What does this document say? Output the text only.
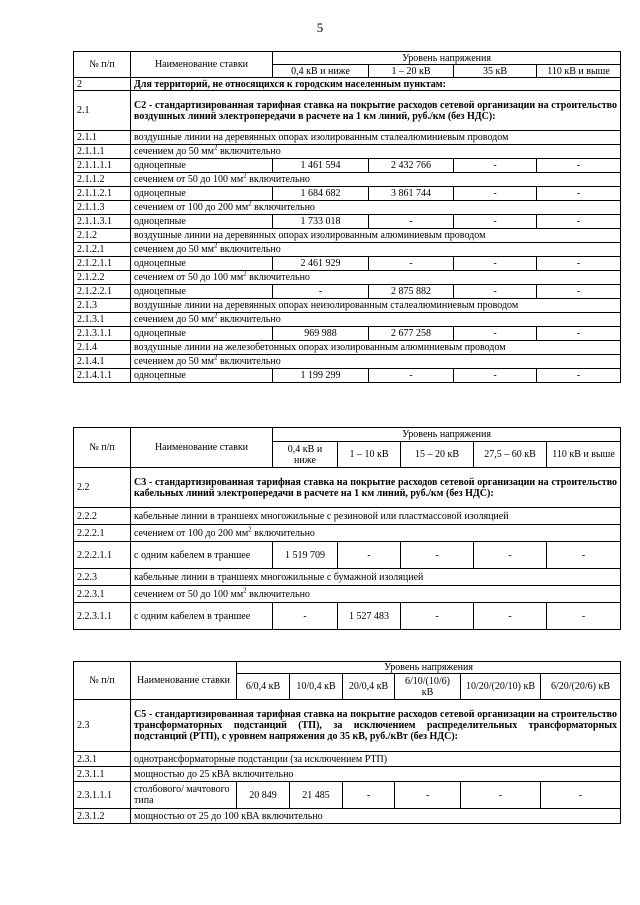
5
№ п/п	Наименование ставки	Уровень напряжения			
		0,4 кВ и ниже	1 – 20 кВ	35 кВ	110 кВ и выше
2	Для территорий, не относящихся к городским населенным пунктам:				
2.1	С2 - стандартизированная тарифная ставка на покрытие расходов сетевой организации на строительство воздушных линий электропередачи в расчете на 1 км линий, руб./км (без НДС):				
2.1.1	воздушные линии на деревянных опорах изолированным сталеалюминиевым проводом				
2.1.1.1	сечением до 50 $мм^2$ включительно				
2.1.1.1.1	одноцепные	1 461 594	2 432 766	-	-
2.1.1.2	сечением от 50 до 100 $мм^2$ включительно				
2.1.1.2.1	одноцепные	1 684 682	3 861 744	-	-
2.1.1.3	сечением от 100 до 200 $мм^2$ включительно				
2.1.1.3.1	одноцепные	1 733 018	-	-	-
2.1.2	воздушные линии на деревянных опорах изолированным алюминиевым проводом				
2.1.2.1	сечением до 50 $мм^2$ включительно				
2.1.2.1.1	одноцепные	2 461 929	-	-	-
2.1.2.2	сечением от 50 до 100 $мм^2$ включительно				
2.1.2.2.1	одноцепные	-	2 875 882	-	-
2.1.3	воздушные линии на деревянных опорах неизолированным сталеалюминиевым проводом				
2.1.3.1	сечением до 50 $мм^2$ включительно				
2.1.3.1.1	одноцепные	969 988	2 677 258	-	-
2.1.4	воздушные линии на железобетонных опорах изолированным алюминиевым проводом				
2.1.4.1	сечением до 50 $мм^2$ включительно				
2.1.4.1.1	одноцепные	1 199 299	-	-	-
№ п/п	Наименование ставки	Уровень напряжения				
		0,4 кВ и ниже	1 – 10 кВ	15 – 20 кВ	27,5 – 60 кВ	110 кВ и выше
2.2	С3 - стандартизированная тарифная ставка на покрытие расходов сетевой организации на строительство кабельных линий электропередачи в расчете на 1 км линий, руб./км (без НДС):					
2.2.2	кабельные линии в траншеях многожильные с резиновой или пластмассовой изоляцией					
2.2.2.1	сечением от 100 до 200 $мм^2$ включительно					
2.2.2.1.1	с одним кабелем в траншее	1 519 709	-	-	-	-
2.2.3	кабельные линии в траншеях многожильные с бумажной изоляцией					
2.2.3.1	сечением от 50 до 100 $мм^2$ включительно					
2.2.3.1.1	с одним кабелем в траншее	-	1 527 483	-	-	-
№ п/п	Наименование ставки	Уровень напряжения					
		6/0,4 кВ	10/0,4 кВ	20/0,4 кВ	6/10/(10/6) кВ	10/20/(20/10) кВ	6/20/(20/6) кВ
2.3	С5 - стандартизированная тарифная ставка на покрытие расходов сетевой организации на строительство трансформаторных подстанций (ТП), за исключением распределительных трансформаторных подстанций (РТП), с уровнем напряжения до 35 кВ, руб./кВт (без НДС):						
2.3.1	однотрансформаторные подстанции (за исключением РТП)						
2.3.1.1	мощностью до 25 кВА включительно						
2.3.1.1.1	столбового/ мачтового типа	20 849	21 485	-	-	-	-
2.3.1.2	мощностью от 25 до 100 кВА включительно						
